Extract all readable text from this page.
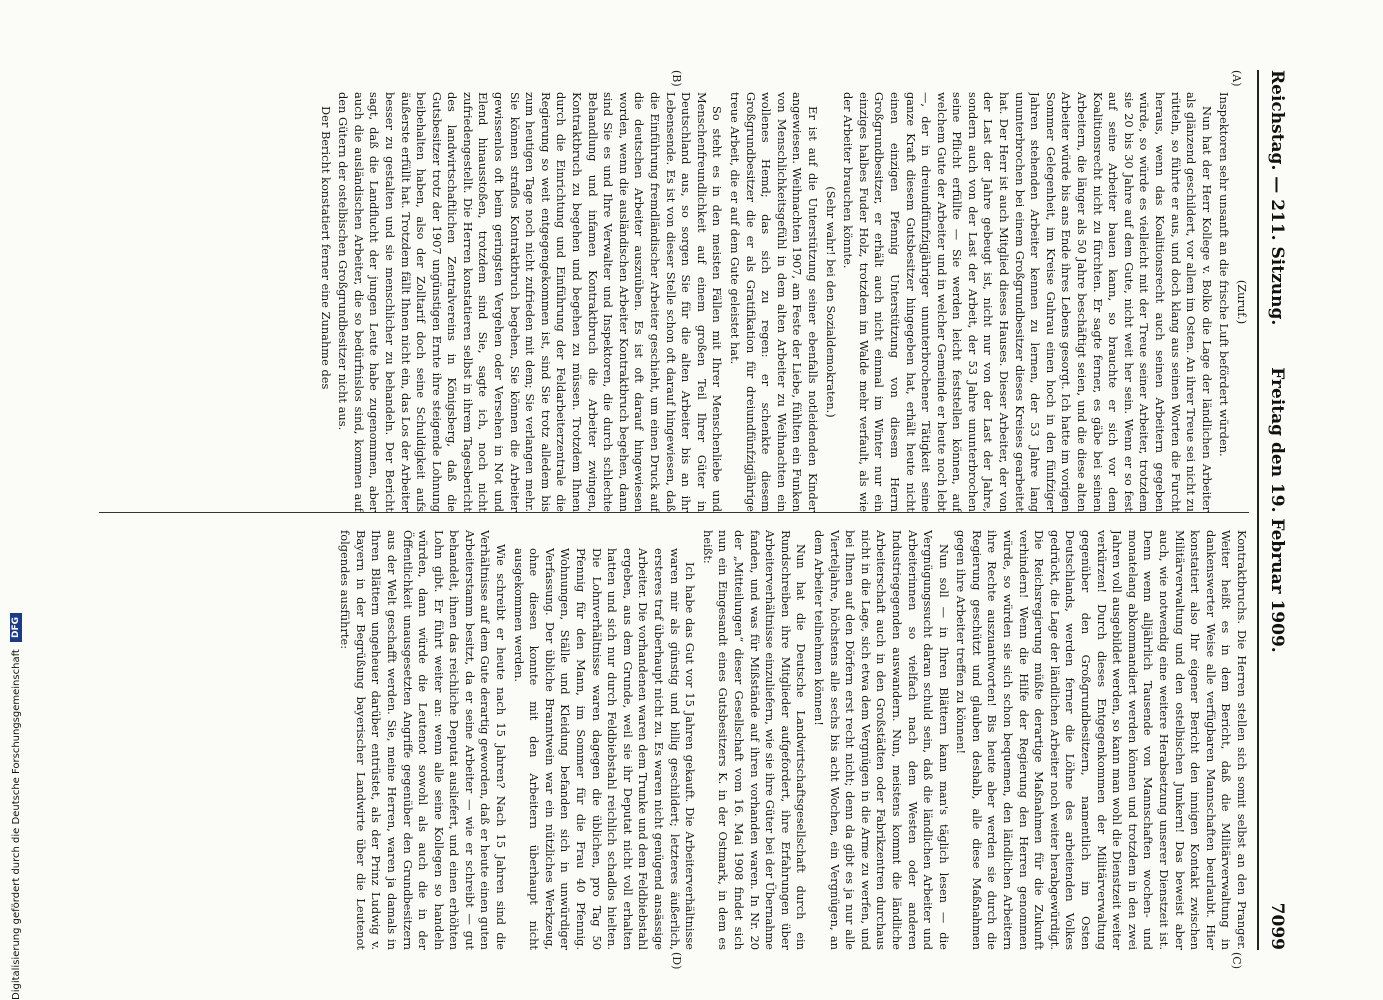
Reichstag. — 211. Sitzung.
Freitag den 19. Februar 1909.
7099
(A)
(B)
(C)
(D)

(Zuruf.)

Inspektoren sehr unsanft an die frische Luft befördert würden.

Nun hat der Herr Kollege v. Bolko die Lage der ländlichen Arbeiter als glänzend geschildert, vor allem im Osten. An ihrer Treue sei nicht zu rütteln, so führte er aus, und doch klang aus seinen Worten die Furcht heraus, wenn das Koalitionsrecht auch seinen Arbeitern gegeben würde, so würde es vielleicht mit der Treue seiner Arbeiter, trotzdem sie 20 bis 30 Jahre auf dem Gute, nicht weit her sein. Wenn er so fest auf seine Arbeiter bauen kann, so brauchte er sich vor dem Koalitionsrecht nicht zu fürchten. Er sagte ferner, es gäbe bei seinen Arbeitern, die länger als 50 Jahre beschäftigt seien, und die diese alten Arbeiter würde bis ans Ende ihres Lebens gesorgt. Ich hatte im vorigen Sommer Gelegenheit, im Kreise Guhrau einen hoch in den fünfziger Jahren stehenden Arbeiter kennen zu lernen, der 53 Jahre lang ununterbrochen bei einem Großgrundbesitzer dieses Kreises gearbeitet hat. Der Herr ist auch Mitglied dieses Hauses. Dieser Arbeiter, der von der Last der Jahre gebeugt ist, nicht nur von der Last der Jahre, sondern auch von der Last der Arbeit, der 53 Jahre ununterbrochen seine Pflicht erfüllte — Sie werden leicht feststellen können, auf welchem Gute der Arbeiter und in welcher Gemeinde er heute noch lebt —, der in dreiundfünfzigjähriger ununterbrochener Tätigkeit seine ganze Kraft diesem Gutsbesitzer hingegeben hat, erhält heute nicht einen einzigen Pfennig Unterstützung von diesem Herrn Großgrundbesitzer, er erhält auch nicht einmal im Winter nur ein einziges halbes Fuder Holz, trotzdem im Walde mehr verfault, als wie der Arbeiter brauchen könnte.

(Sehr wahr! bei den Sozialdemokraten.)

Er ist auf die Unterstützung seiner ebenfalls notleidenden Kinder angewiesen. Weihnachten 1907, am Feste der Liebe, fühlten ein Funken von Menschlichkeitsgefühl in dem alten Arbeiter zu Weihnachten ein wollenes Hemd; das sich zu regen: er schenkte diesem Großgrundbesitzer die er als Gratifikation für dreiundfünfzigjährige treue Arbeit, die er auf dem Gute geleistet hat.

So steht es in den meisten Fällen mit Ihrer Menschenliebe und Menschenfreundlichkeit auf einem großen Teil Ihrer Güter in Deutschland aus, so sorgen Sie für die alten Arbeiter bis an ihr Lebensende. Es ist von dieser Stelle schon oft darauf hingewiesen, daß die Einführung fremdländischer Arbeiter geschieht, um einen Druck auf die deutschen Arbeiter auszuüben. Es ist oft darauf hingewiesen worden, wenn die ausländischen Arbeiter Kontraktbruch begehen, dann sind Sie es und Ihre Verwalter und Inspektoren, die durch schlechte Behandlung und infamen Kontraktbruch die Arbeiter zwingen, Kontraktbruch zu begehen und begehen zu müssen. Trotzdem Ihnen durch die Einrichtung und Einführung der Feldarbeiterzentrale die Regierung so weit entgegengekommen ist, sind Sie trotz alledem bis zum heutigen Tage noch nicht zufrieden mit dem; Sie verlangen mehr. Sie können straflos Kontraktbruch begehen, Sie können die Arbeiter gewissenlos oft beim geringsten Vergehen oder Versehen in Not und Elend hinausstoßen, trotzdem sind Sie, sagte ich, noch nicht zufriedengestellt. Die Herren konstatieren selbst in ihrem Tagesbericht des landwirtschaftlichen Zentralvereins in Königsberg, daß die Gutsbesitzer trotz der 1907 ungünstigen Ernte ihre steigende Lohnung beibehalten haben, also der Zolltarif doch seine Schuldigkeit aufs äußerste erfüllt hat. Trotzdem fällt Ihnen nicht ein, das Los der Arbeiter besser zu gestalten und sie menschlicher zu behandeln. Der Bericht sagt, daß die Landflucht der jungen Leute habe zugenommen, aber auch die ausländischen Arbeiter, die so bedürfnislos sind, kommen auf den Gütern der ostelbischen Großgrundbesitzer nicht aus.

Der Bericht konstatiert ferner eine Zunahme des

Kontraktbruchs. Die Herren stellen sich somit selbst an den Pranger. Weiter heißt es in dem Bericht, daß die Militärverwaltung in dankenswerter Weise alle verfügbaren Mannschaften beurlaubt. Hier konstatiert also Ihr eigener Bericht den innigen Kontakt zwischen Militärverwaltung und den ostelbischen Junkern! Das beweist aber auch, wie notwendig eine weitere Herabsetzung unserer Dienstzeit ist. Denn wenn alljährlich Tausende von Mannschaften wochen- und monatelang abkommandiert werden können und trotzdem in den zwei Jahren voll ausgebildet werden, so kann man wohl die Dienstzeit weiter verkürzen! Durch dieses Entgegenkommen der Militärverwaltung gegenüber den Großgrundbesitzern, namentlich im Osten Deutschlands, werden ferner die Löhne des arbeitenden Volkes gedrückt, die Lage der ländlichen Arbeiter noch weiter herabgewürdigt. Die Reichsregierung müßte derartige Maßnahmen für die Zukunft verhindern! Wenn die Hilfe der Regierung den Herren genommen würde, so würden sie sich schon bequemen, den ländlichen Arbeitern ihre Rechte auszuantworten! Bis heute aber werden sie durch die Regierung geschützt und glauben deshalb, alle diese Maßnahmen gegen ihre Arbeiter treffen zu können!

Nun soll — in Ihren Blättern kann man's täglich lesen — die Vergnügungssucht daran schuld sein, daß die ländlichen Arbeiter und Arbeiterinnen so vielfach nach dem Westen oder anderen Industriegegenden auswandern. Nun, meistens kommt die ländliche Arbeiterschaft auch in den Großstädten oder Fabrikzentren durchaus nicht in die Lage, sich etwa dem Vergnügen in die Arme zu werfen, und bei Ihnen auf den Dörfern erst recht nicht; denn da gibt es ja nur alle Vierteljahre, höchstens alle sechs bis acht Wochen, ein Vergnügen, an dem Arbeiter teilnehmen können!

Nun hat die Deutsche Landwirtschaftsgesellschaft durch ein Rundschreiben ihre Mitglieder aufgefordert, ihre Erfahrungen über Arbeiterverhältnisse einzuliefern, wie sie ihre Güter bei der Übernahme fanden, und was für Mißstände auf ihren vorhanden waren. In Nr. 20 der „Mitteilungen“ dieser Gesellschaft vom 16. Mai 1908 findet sich nun ein Eingesandt eines Gutsbesitzers K. in der Ostmark, in dem es heißt:

Ich habe das Gut vor 15 Jahren gekauft. Die Arbeiterverhältnisse waren mir als günstig und billig geschildert; letzteres äußerlich, ersteres traf überhaupt nicht zu. Es waren nicht genügend ansässige Arbeiter. Die vorhandenen waren dem Trunke und dem Feldbiebstahl ergeben, aus dem Grunde, weil sie ihr Deputat nicht voll erhalten hatten und sich nur durch Feldbiebstahl reichlich schadlos hielten. Die Lohnverhältnisse waren dagegen die üblichen, pro Tag 50 Pfennig für den Mann, im Sommer für die Frau 40 Pfennig. Wohnungen, Ställe und Kleidung befanden sich in unwürdiger Verfassung. Der übliche Branntwein war ein nützliches Werkzeug, ohne diesen konnte mit den Arbeitern überhaupt nicht ausgekommen werden.

Wie schreibt er heute nach 15 Jahren? Nach 15 Jahren sind die Verhältnisse auf dem Gute derartig geworden, daß er heute einen guten Arbeiterstamm besitzt, da er seine Arbeiter — wie er schreibt — gut behandelt, ihnen das reichliche Deputat ausliefert, und einen erhöhten Lohn gibt. Er führt weiter an: wenn alle seine Kollegen so handeln würden, dann würde die Leutenot sowohl als auch die in der Öffentlichkeit unausgesetzten Angriffe gegenüber den Grundbesitzern aus der Welt geschafft werden. Sie, meine Herren, waren ja damals in Ihren Blättern ungeheuer darüber entrüstet, als der Prinz Ludwig v. Bayern in der Begrüßung bayerischer Landwirte über die Leutenot folgendes ausführte:

Digitalisierung gefördert durch die Deutsche Forschungsgemeinschaft DFG
